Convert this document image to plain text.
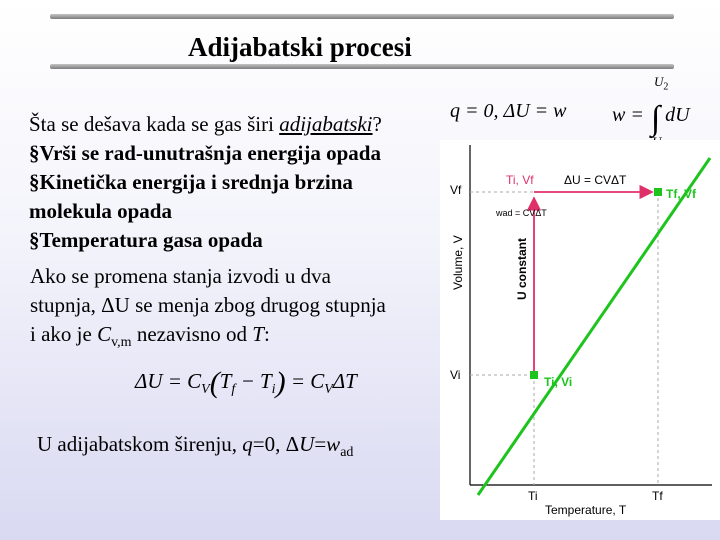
Adijabatski procesi
Šta se dešava kada se gas širi adijabatski?
§Vrši se rad-unutrašnja energija opada
§Kinetička energija i srednja brzina
molekula opada
§Temperatura gasa opada
Ako se promena stanja izvodi u dva
stupnja, ΔU se menja zbog drugog stupnja
i ako je $C_{v,m}$ nezavisno od T:
$\Delta U = C_V(T_f - T_i) = C_V\Delta T$
U adijabatskom širenju, q=0, $\Delta U=w_{ad}$
q = 0, ΔU = w w =
$U_2$
∫ dU
Vf
Vi
Ti	Tf
Temperature, T
Volume, V	U constant
Ti, Vf
Tf, Vf
Ti, Vi
ΔU = CVΔT
wad = CVΔT
